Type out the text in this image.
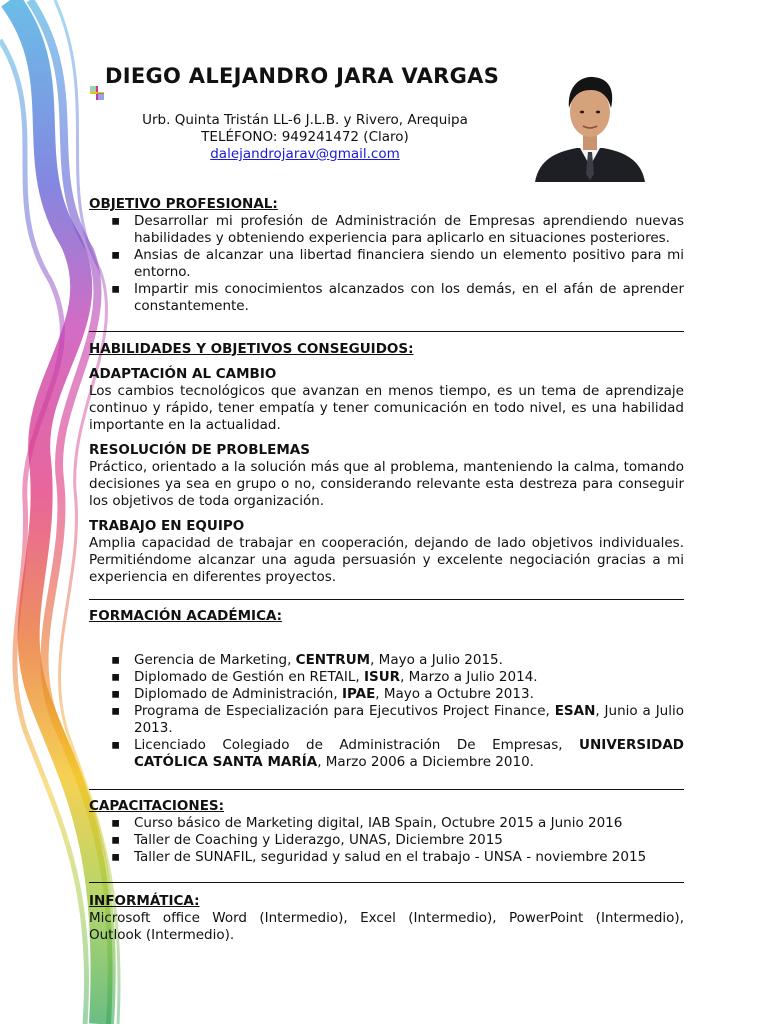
DIEGO ALEJANDRO JARA VARGAS
Urb. Quinta Tristán LL-6 J.L.B. y Rivero, Arequipa
TELÉFONO: 949241472 (Claro)
dalejandrojarav@gmail.com
OBJETIVO PROFESIONAL:
▪ Desarrollar mi profesión de Administración de Empresas aprendiendo nuevas habilidades y obteniendo experiencia para aplicarlo en situaciones posteriores.
▪ Ansias de alcanzar una libertad financiera siendo un elemento positivo para mi entorno.
▪ Impartir mis conocimientos alcanzados con los demás, en el afán de aprender constantemente.
HABILIDADES Y OBJETIVOS CONSEGUIDOS:
ADAPTACIÓN AL CAMBIO
Los cambios tecnológicos que avanzan en menos tiempo, es un tema de aprendizaje continuo y rápido, tener empatía y tener comunicación en todo nivel, es una habilidad importante en la actualidad.
RESOLUCIÓN DE PROBLEMAS
Práctico, orientado a la solución más que al problema, manteniendo la calma, tomando decisiones ya sea en grupo o no, considerando relevante esta destreza para conseguir los objetivos de toda organización.
TRABAJO EN EQUIPO
Amplia capacidad de trabajar en cooperación, dejando de lado objetivos individuales. Permitiéndome alcanzar una aguda persuasión y excelente negociación gracias a mi experiencia en diferentes proyectos.
FORMACIÓN ACADÉMICA:
▪ Gerencia de Marketing, CENTRUM, Mayo a Julio 2015.
▪ Diplomado de Gestión en RETAIL, ISUR, Marzo a Julio 2014.
▪ Diplomado de Administración, IPAE, Mayo a Octubre 2013.
▪ Programa de Especialización para Ejecutivos Project Finance, ESAN, Junio a Julio 2013.
▪ Licenciado Colegiado de Administración De Empresas, UNIVERSIDAD CATÓLICA SANTA MARÍA, Marzo 2006 a Diciembre 2010.
CAPACITACIONES:
▪ Curso básico de Marketing digital, IAB Spain, Octubre 2015 a Junio 2016
▪ Taller de Coaching y Liderazgo, UNAS, Diciembre 2015
▪ Taller de SUNAFIL, seguridad y salud en el trabajo - UNSA - noviembre 2015
INFORMÁTICA:
Microsoft office Word (Intermedio), Excel (Intermedio), PowerPoint (Intermedio), Outlook (Intermedio).
